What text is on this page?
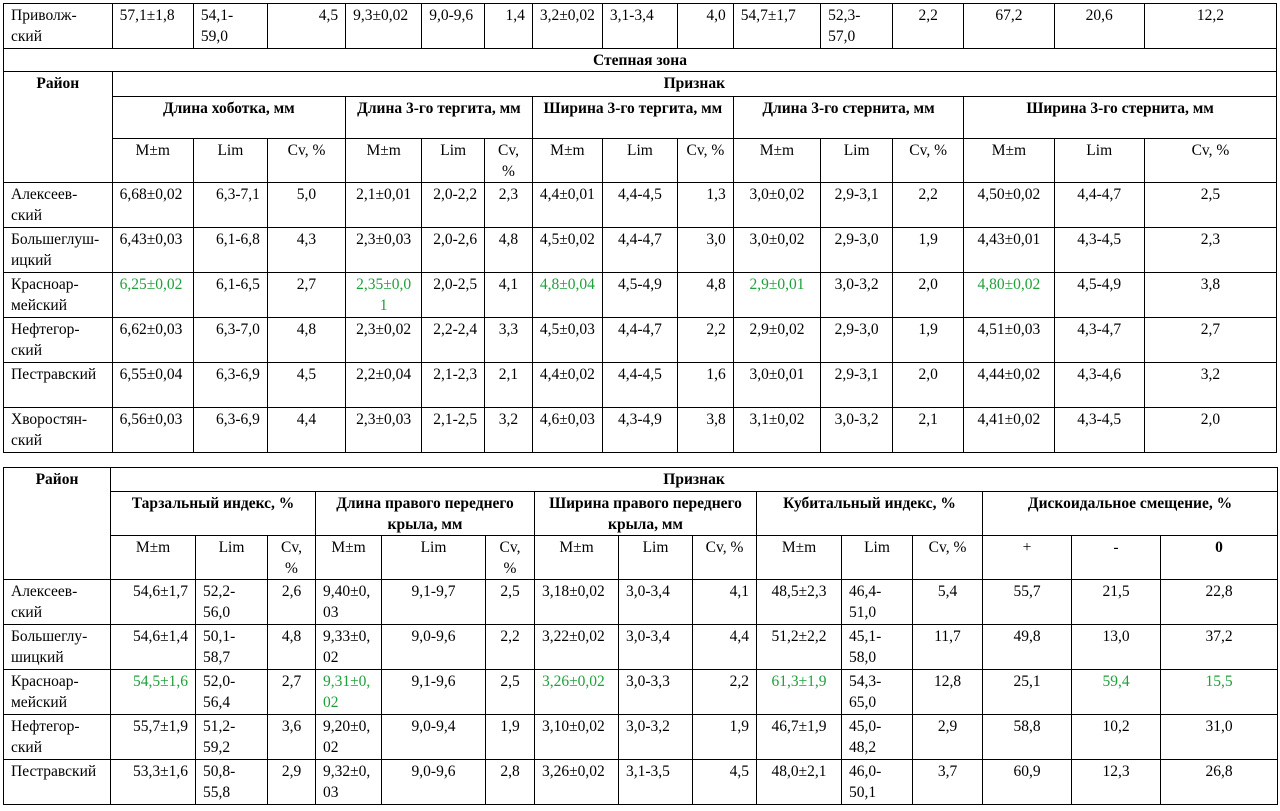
Приволж-ский	57,1±1,8	54,1-59,0	4,5	9,3±0,02	9,0-9,6	1,4	3,2±0,02	3,1-3,4	4,0	54,7±1,7	52,3-57,0	2,2	67,2	20,6	12,2
Степная зона															
Район	Признак														
	Длина хоботка, мм			Длина 3-го тергита, мм			Ширина 3-го тергита, мм			Длина 3-го стернита, мм			Ширина 3-го стернита, мм		
	M±m	Lim	Cv, %	M±m	Lim	Cv, %	M±m	Lim	Cv, %	M±m	Lim	Cv, %	M±m	Lim	Cv, %
Алексеев-ский	6,68±0,02	6,3-7,1	5,0	2,1±0,01	2,0-2,2	2,3	4,4±0,01	4,4-4,5	1,3	3,0±0,02	2,9-3,1	2,2	4,50±0,02	4,4-4,7	2,5
Большеглуш-ицкий	6,43±0,03	6,1-6,8	4,3	2,3±0,03	2,0-2,6	4,8	4,5±0,02	4,4-4,7	3,0	3,0±0,02	2,9-3,0	1,9	4,43±0,01	4,3-4,5	2,3
Красноар-мейский	6,25±0,02	6,1-6,5	2,7	2,35±0,01	2,0-2,5	4,1	4,8±0,04	4,5-4,9	4,8	2,9±0,01	3,0-3,2	2,0	4,80±0,02	4,5-4,9	3,8
Нефтегор-ский	6,62±0,03	6,3-7,0	4,8	2,3±0,02	2,2-2,4	3,3	4,5±0,03	4,4-4,7	2,2	2,9±0,02	2,9-3,0	1,9	4,51±0,03	4,3-4,7	2,7
Пестравский	6,55±0,04	6,3-6,9	4,5	2,2±0,04	2,1-2,3	2,1	4,4±0,02	4,4-4,5	1,6	3,0±0,01	2,9-3,1	2,0	4,44±0,02	4,3-4,6	3,2
Хворостян-ский	6,56±0,03	6,3-6,9	4,4	2,3±0,03	2,1-2,5	3,2	4,6±0,03	4,3-4,9	3,8	3,1±0,02	3,0-3,2	2,1	4,41±0,02	4,3-4,5	2,0
Район	Признак														
	Тарзальный индекс, %			Длина правого переднего крыла, мм			Ширина правого переднего крыла, мм			Кубитальный индекс, %			Дискоидальное смещение, %		
	M±m	Lim	Cv, %	M±m	Lim	Cv, %	M±m	Lim	Cv, %	M±m	Lim	Cv, %	+	-	0
Алексеев-ский	54,6±1,7	52,2-56,0	2,6	9,40±0,03	9,1-9,7	2,5	3,18±0,02	3,0-3,4	4,1	48,5±2,3	46,4-51,0	5,4	55,7	21,5	22,8
Большеглу-шицкий	54,6±1,4	50,1-58,7	4,8	9,33±0,02	9,0-9,6	2,2	3,22±0,02	3,0-3,4	4,4	51,2±2,2	45,1-58,0	11,7	49,8	13,0	37,2
Красноар-мейский	54,5±1,6	52,0-56,4	2,7	9,31±0,02	9,1-9,6	2,5	3,26±0,02	3,0-3,3	2,2	61,3±1,9	54,3-65,0	12,8	25,1	59,4	15,5
Нефтегор-ский	55,7±1,9	51,2-59,2	3,6	9,20±0,02	9,0-9,4	1,9	3,10±0,02	3,0-3,2	1,9	46,7±1,9	45,0-48,2	2,9	58,8	10,2	31,0
Пестравский	53,3±1,6	50,8-55,8	2,9	9,32±0,03	9,0-9,6	2,8	3,26±0,02	3,1-3,5	4,5	48,0±2,1	46,0-50,1	3,7	60,9	12,3	26,8
